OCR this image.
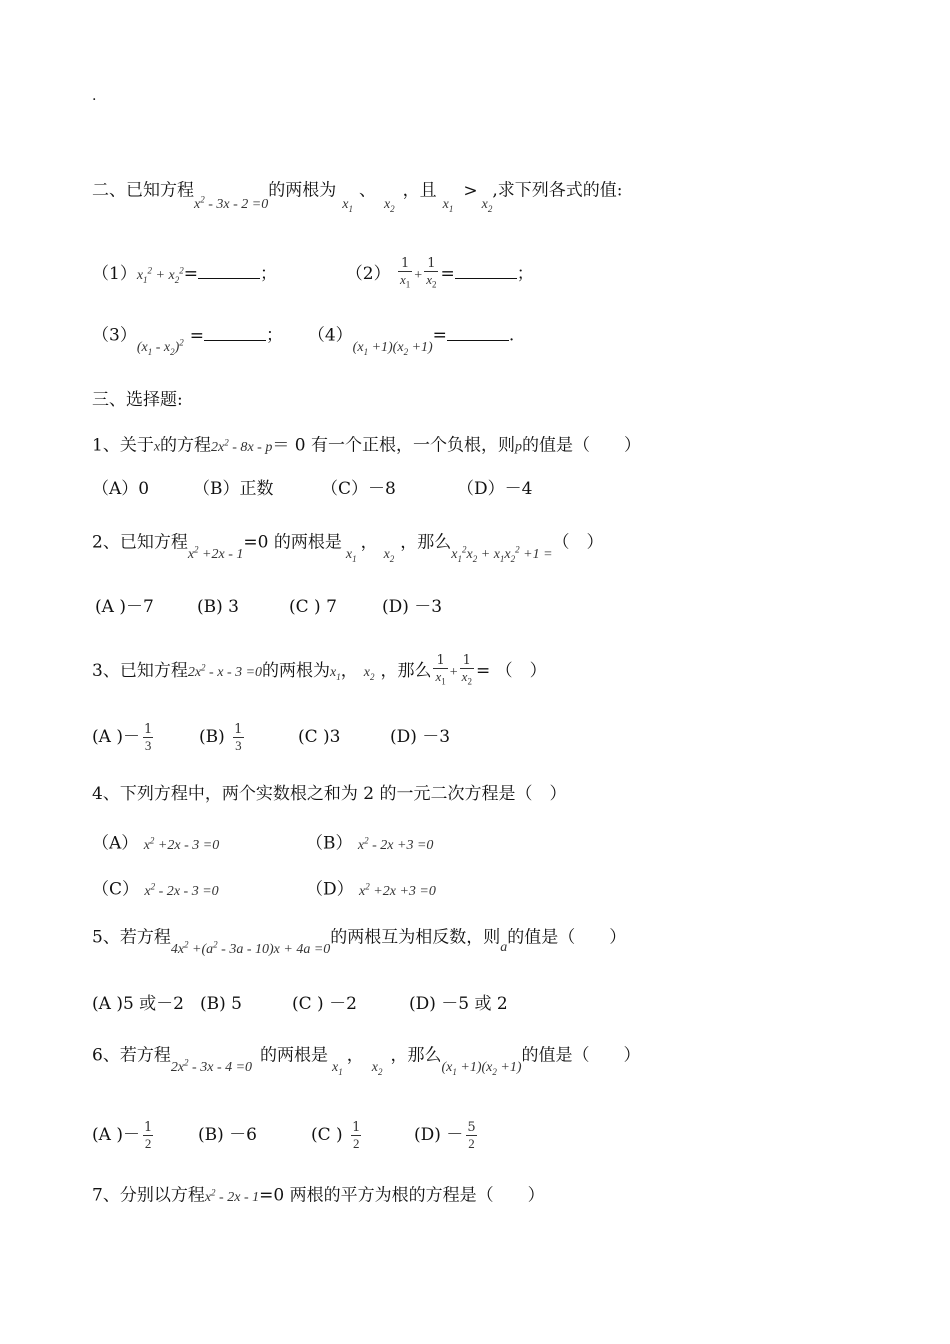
.
二、已知方程$_{x^2 - 3x - 2 =0}$的两根为$_{x_1}$、$_{x_2}$，且$_{x_1}>_{x_2}$,求下列各式的值:
$(1)x_1^2 + x_2^2=$	；	$(2) \frac{1}{x_1} + \frac{1}{x_2}$ =	；
$(3)_{(x_1 - x_2)^2}$ =	； $(4)_{(x_1 +1)(x_2 +1)}=$	.
三、选择题:
1、关于x的方程$2x^2 - 8x - p= 0$ 有一个正根，一个负根，则p的值是（　　）
（A）0	（B）正数	（C）－8	（D）－4
2、已知方程$_{x^2 +2x - 1}$=0 的两根是$_{x_1}$，$_{x_2}$，那么$_{x_1^2x_2 + x_1x_2^2 +1 =}$（　）
(A )－7	(B) 3	(C ) 7	(D) －3
3、已知方程$2x^2 - x - 3 =0$的两根为$x_1$， $x_2$ ，那么 $\frac{1}{x_1} + \frac{1}{x_2}$ = （　）
(A )－ $\frac{1}{3}$	$(B) \frac{1}{3}$	(C )3	(D) －3
4、下列方程中，两个实数根之和为 2 的一元二次方程是（　）
（A） $x^2 +2x - 3 =0$	（B） $x^2 - 2x +3 =0$
（C） $x^2 - 2x - 3 =0$	（D） $x^2 +2x +3 =0$
5、若方程$_{4x^2 +(a^2 - 3a - 10)x + 4a =0}$的两根互为相反数，则$_a$的值是（　　）
(A )5 或－2 (B) 5	(C ) －2	(D) －5 或 2
6、若方程$_{2x^2 - 3x - 4 =0}$的两根是$_{x_1}$，$_{x_2}$，那么$_{(x_1 +1)(x_2 +1)}$的值是（　　）
(A )－ $\frac{1}{2}$	(B) －6	(C ) $\frac{1}{2}$	$(D) - \frac{5}{2}$
7、分别以方程$x^2 - 2x - 1=0$ 两根的平方为根的方程是（　　）
